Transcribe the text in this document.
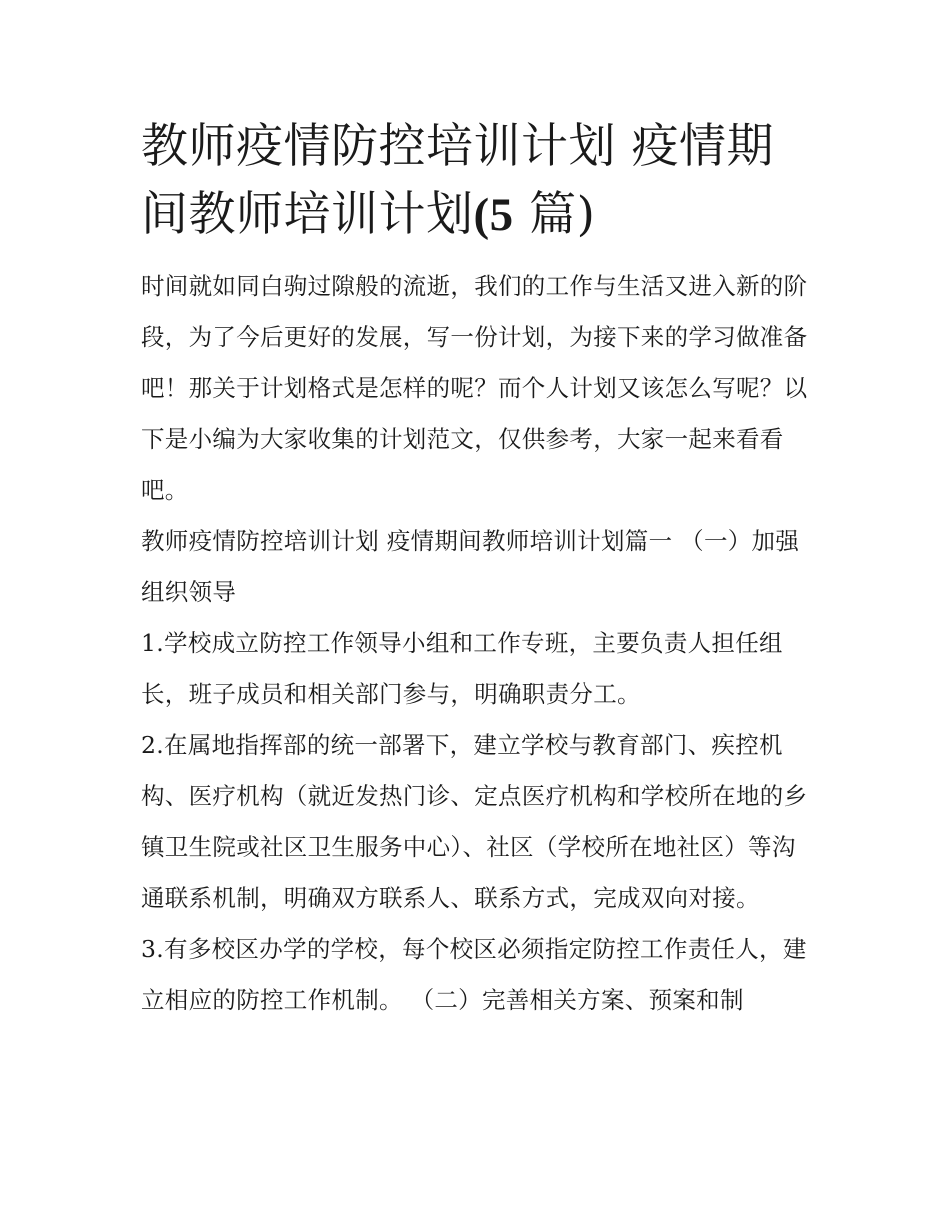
教师疫情防控培训计划 疫情期间教师培训计划(5 篇)

时间就如同白驹过隙般的流逝，我们的工作与生活又进入新的阶段，为了今后更好的发展，写一份计划，为接下来的学习做准备吧！那关于计划格式是怎样的呢？而个人计划又该怎么写呢？以下是小编为大家收集的计划范文，仅供参考，大家一起来看看吧。

教师疫情防控培训计划 疫情期间教师培训计划篇一 （一）加强组织领导

1.学校成立防控工作领导小组和工作专班，主要负责人担任组长，班子成员和相关部门参与，明确职责分工。

2.在属地指挥部的统一部署下，建立学校与教育部门、疾控机构、医疗机构（就近发热门诊、定点医疗机构和学校所在地的乡镇卫生院或社区卫生服务中心）、社区（学校所在地社区）等沟通联系机制，明确双方联系人、联系方式，完成双向对接。

3.有多校区办学的学校，每个校区必须指定防控工作责任人，建立相应的防控工作机制。 （二）完善相关方案、预案和制
